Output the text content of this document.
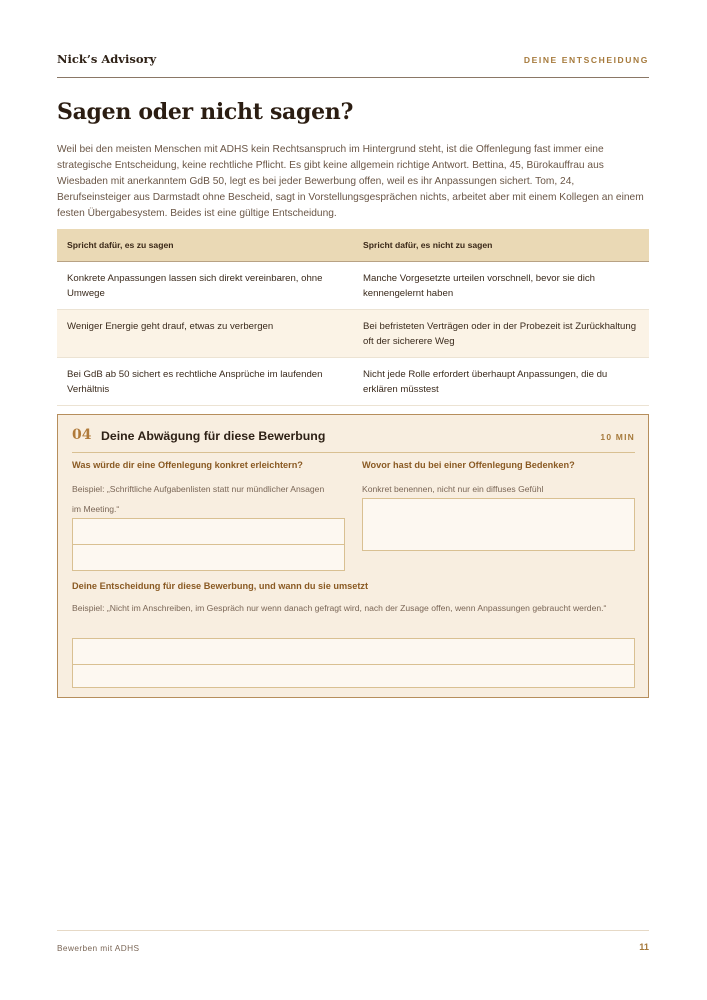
Nick’s Advisory	DEINE ENTSCHEIDUNG
Sagen oder nicht sagen?

Weil bei den meisten Menschen mit ADHS kein Rechtsanspruch im Hintergrund steht, ist die Offenlegung fast immer eine strategische Entscheidung, keine rechtliche Pflicht. Es gibt keine allgemein richtige Antwort. Bettina, 45, Bürokauffrau aus Wiesbaden mit anerkanntem GdB 50, legt es bei jeder Bewerbung offen, weil es ihr Anpassungen sichert. Tom, 24, Berufseinsteiger aus Darmstadt ohne Bescheid, sagt in Vorstellungsgesprächen nichts, arbeitet aber mit einem Kollegen an einem festen Übergabesystem. Beides ist eine gültige Entscheidung.

Spricht dafür, es zu sagen	Spricht dafür, es nicht zu sagen
Konkrete Anpassungen lassen sich direkt vereinbaren, ohne Umwege	Manche Vorgesetzte urteilen vorschnell, bevor sie dich kennengelernt haben
Weniger Energie geht drauf, etwas zu verbergen	Bei befristeten Verträgen oder in der Probezeit ist Zurückhaltung oft der sicherere Weg
Bei GdB ab 50 sichert es rechtliche Ansprüche im laufenden Verhältnis	Nicht jede Rolle erfordert überhaupt Anpassungen, die du erklären müsstest
04 Deine Abwägung für diese Bewerbung	10 MIN
Was würde dir eine Offenlegung konkret erleichtern?
Beispiel: „Schriftliche Aufgabenlisten statt nur mündlicher Ansagen im Meeting.“
Wovor hast du bei einer Offenlegung Bedenken?
Konkret benennen, nicht nur ein diffuses Gefühl
Deine Entscheidung für diese Bewerbung, und wann du sie umsetzt
Beispiel: „Nicht im Anschreiben, im Gespräch nur wenn danach gefragt wird, nach der Zusage offen, wenn Anpassungen gebraucht werden.“
Bewerben mit ADHS	11
